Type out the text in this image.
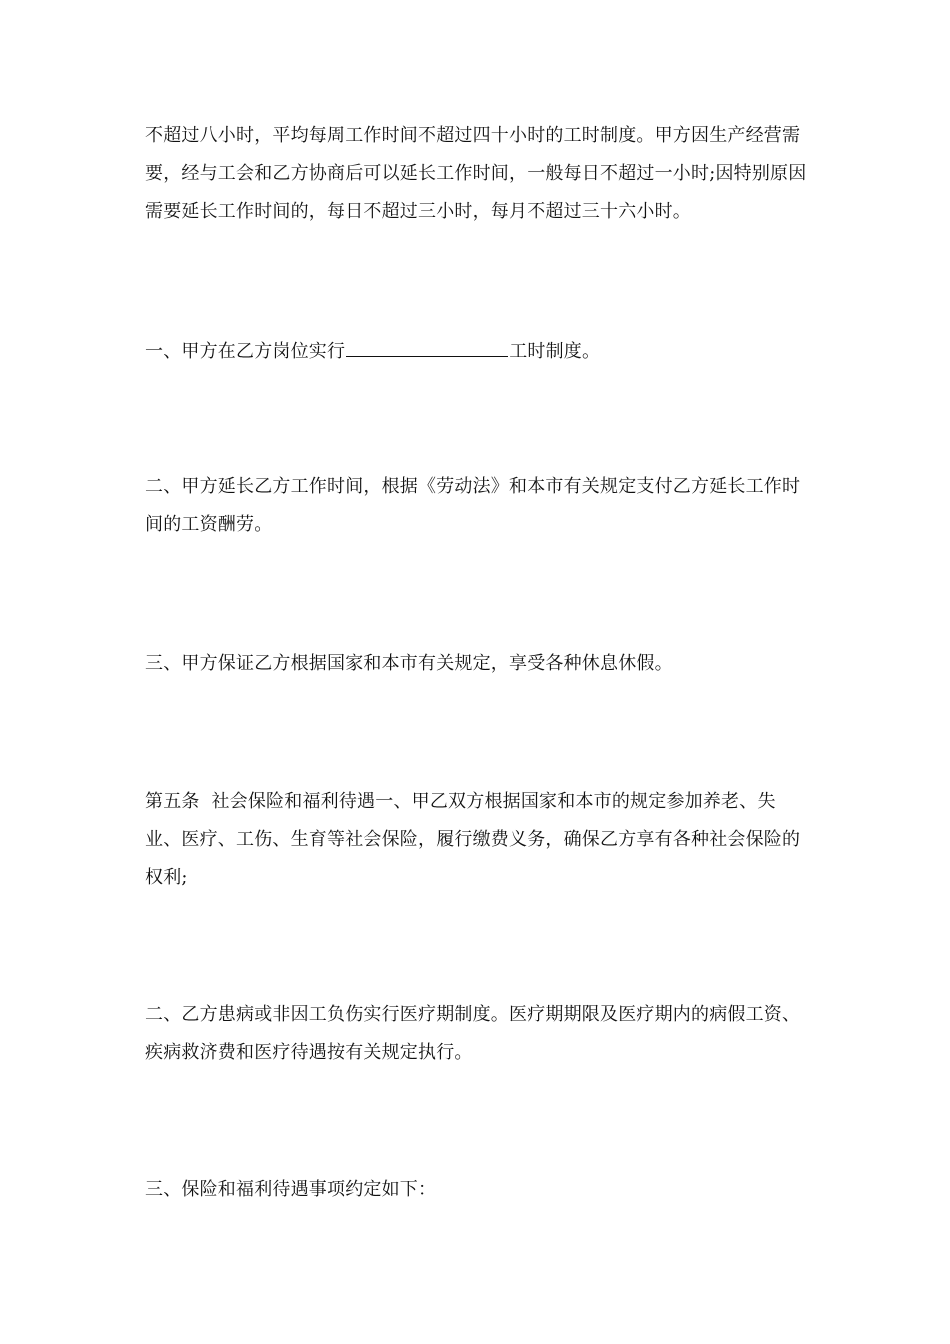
不超过八小时，平均每周工作时间不超过四十小时的工时制度。甲方因生产经营需要，经与工会和乙方协商后可以延长工作时间，一般每日不超过一小时;因特别原因需要延长工作时间的，每日不超过三小时，每月不超过三十六小时。

一、甲方在乙方岗位实行	工时制度。

二、甲方延长乙方工作时间，根据《劳动法》和本市有关规定支付乙方延长工作时间的工资酬劳。

三、甲方保证乙方根据国家和本市有关规定，享受各种休息休假。

第五条  社会保险和福利待遇一、甲乙双方根据国家和本市的规定参加养老、失业、医疗、工伤、生育等社会保险，履行缴费义务，确保乙方享有各种社会保险的权利;

二、乙方患病或非因工负伤实行医疗期制度。医疗期期限及医疗期内的病假工资、疾病救济费和医疗待遇按有关规定执行。

三、保险和福利待遇事项约定如下：
